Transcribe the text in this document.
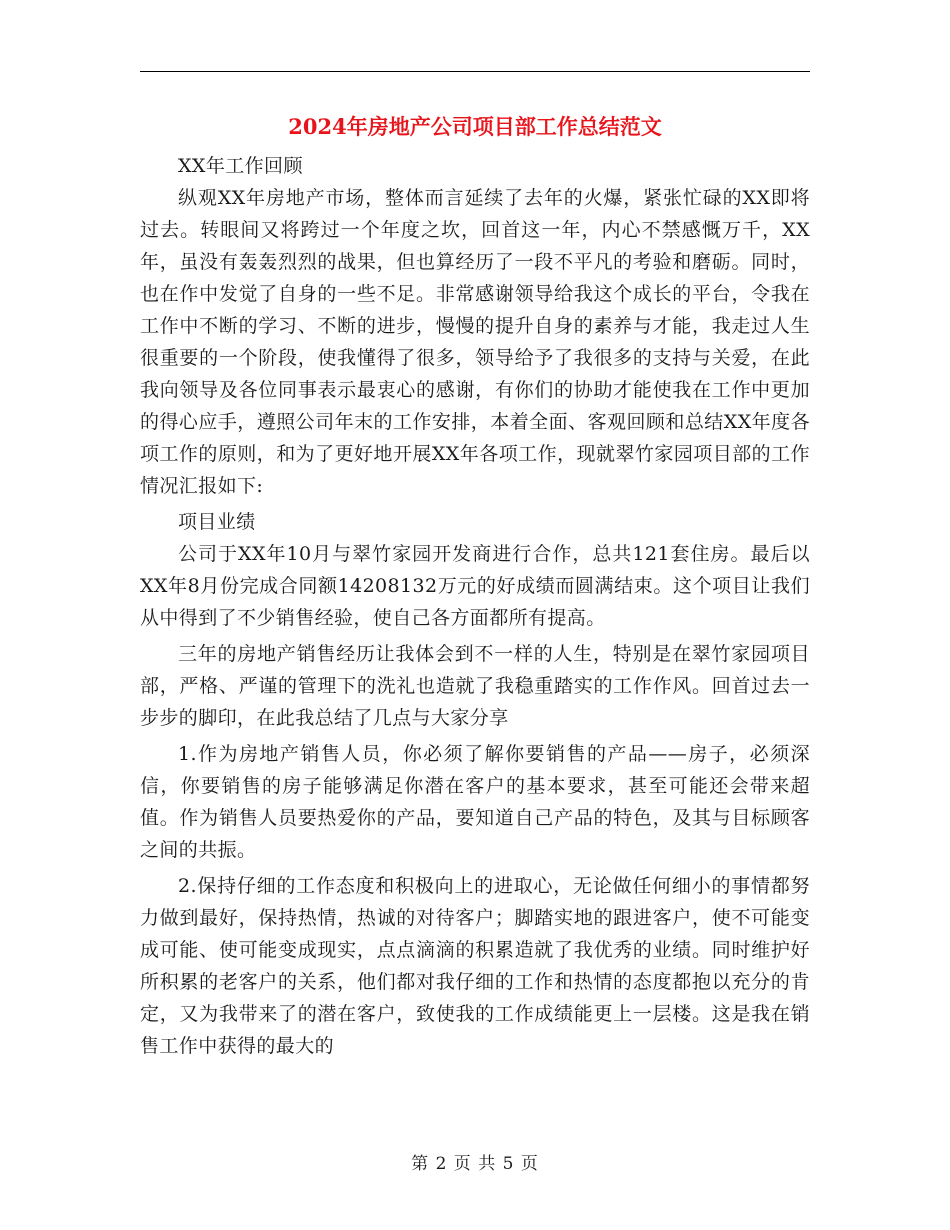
2024年房地产公司项目部工作总结范文

XX年工作回顾

纵观XX年房地产市场，整体而言延续了去年的火爆，紧张忙碌的XX即将过去。转眼间又将跨过一个年度之坎，回首这一年，内心不禁感慨万千，XX年，虽没有轰轰烈烈的战果，但也算经历了一段不平凡的考验和磨砺。同时，也在作中发觉了自身的一些不足。非常感谢领导给我这个成长的平台，令我在工作中不断的学习、不断的进步，慢慢的提升自身的素养与才能，我走过人生很重要的一个阶段，使我懂得了很多，领导给予了我很多的支持与关爱，在此我向领导及各位同事表示最衷心的感谢，有你们的协助才能使我在工作中更加的得心应手，遵照公司年末的工作安排，本着全面、客观回顾和总结XX年度各项工作的原则，和为了更好地开展XX年各项工作，现就翠竹家园项目部的工作情况汇报如下:

项目业绩

公司于XX年10月与翠竹家园开发商进行合作，总共121套住房。最后以XX年8月份完成合同额14208132万元的好成绩而圆满结束。这个项目让我们从中得到了不少销售经验，使自己各方面都所有提高。

三年的房地产销售经历让我体会到不一样的人生，特别是在翠竹家园项目部，严格、严谨的管理下的洗礼也造就了我稳重踏实的工作作风。回首过去一步步的脚印，在此我总结了几点与大家分享

1.作为房地产销售人员，你必须了解你要销售的产品——房子，必须深信，你要销售的房子能够满足你潜在客户的基本要求，甚至可能还会带来超值。作为销售人员要热爱你的产品，要知道自己产品的特色，及其与目标顾客之间的共振。

2.保持仔细的工作态度和积极向上的进取心，无论做任何细小的事情都努力做到最好，保持热情，热诚的对待客户；脚踏实地的跟进客户，使不可能变成可能、使可能变成现实，点点滴滴的积累造就了我优秀的业绩。同时维护好所积累的老客户的关系，他们都对我仔细的工作和热情的态度都抱以充分的肯定，又为我带来了的潜在客户，致使我的工作成绩能更上一层楼。这是我在销售工作中获得的最大的

第 2 页 共 5 页
